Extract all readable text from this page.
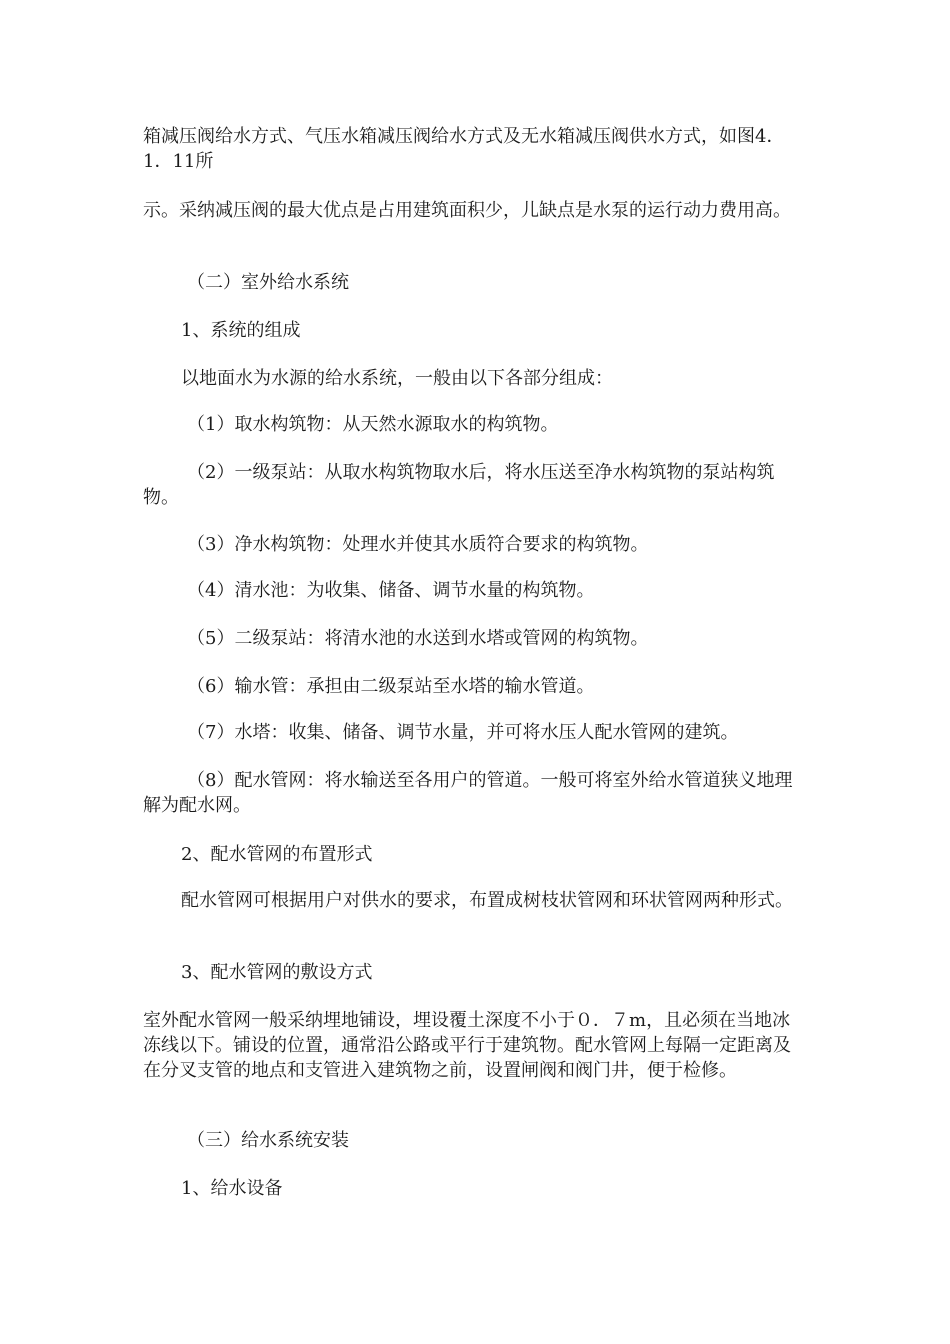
箱减压阀给水方式、气压水箱减压阀给水方式及无水箱减压阀供水方式，如图4．1．11所

示。采纳减压阀的最大优点是占用建筑面积少，儿缺点是水泵的运行动力费用高。

（二）室外给水系统

1、系统的组成

以地面水为水源的给水系统，一般由以下各部分组成：

（1）取水构筑物：从天然水源取水的构筑物。

（2）一级泵站：从取水构筑物取水后，将水压送至净水构筑物的泵站构筑物。

（3）净水构筑物：处理水并使其水质符合要求的构筑物。

（4）清水池：为收集、储备、调节水量的构筑物。

（5）二级泵站：将清水池的水送到水塔或管网的构筑物。

（6）输水管：承担由二级泵站至水塔的输水管道。

（7）水塔：收集、储备、调节水量，并可将水压人配水管网的建筑。

（8）配水管网：将水输送至各用户的管道。一般可将室外给水管道狭义地理解为配水网。

2、配水管网的布置形式

配水管网可根据用户对供水的要求，布置成树枝状管网和环状管网两种形式。

3、配水管网的敷设方式

室外配水管网一般采纳埋地铺设，埋设覆土深度不小于０．７m，且必须在当地冰冻线以下。铺设的位置，通常沿公路或平行于建筑物。配水管网上每隔一定距离及在分叉支管的地点和支管进入建筑物之前，设置闸阀和阀门井，便于检修。

（三）给水系统安装

1、给水设备
